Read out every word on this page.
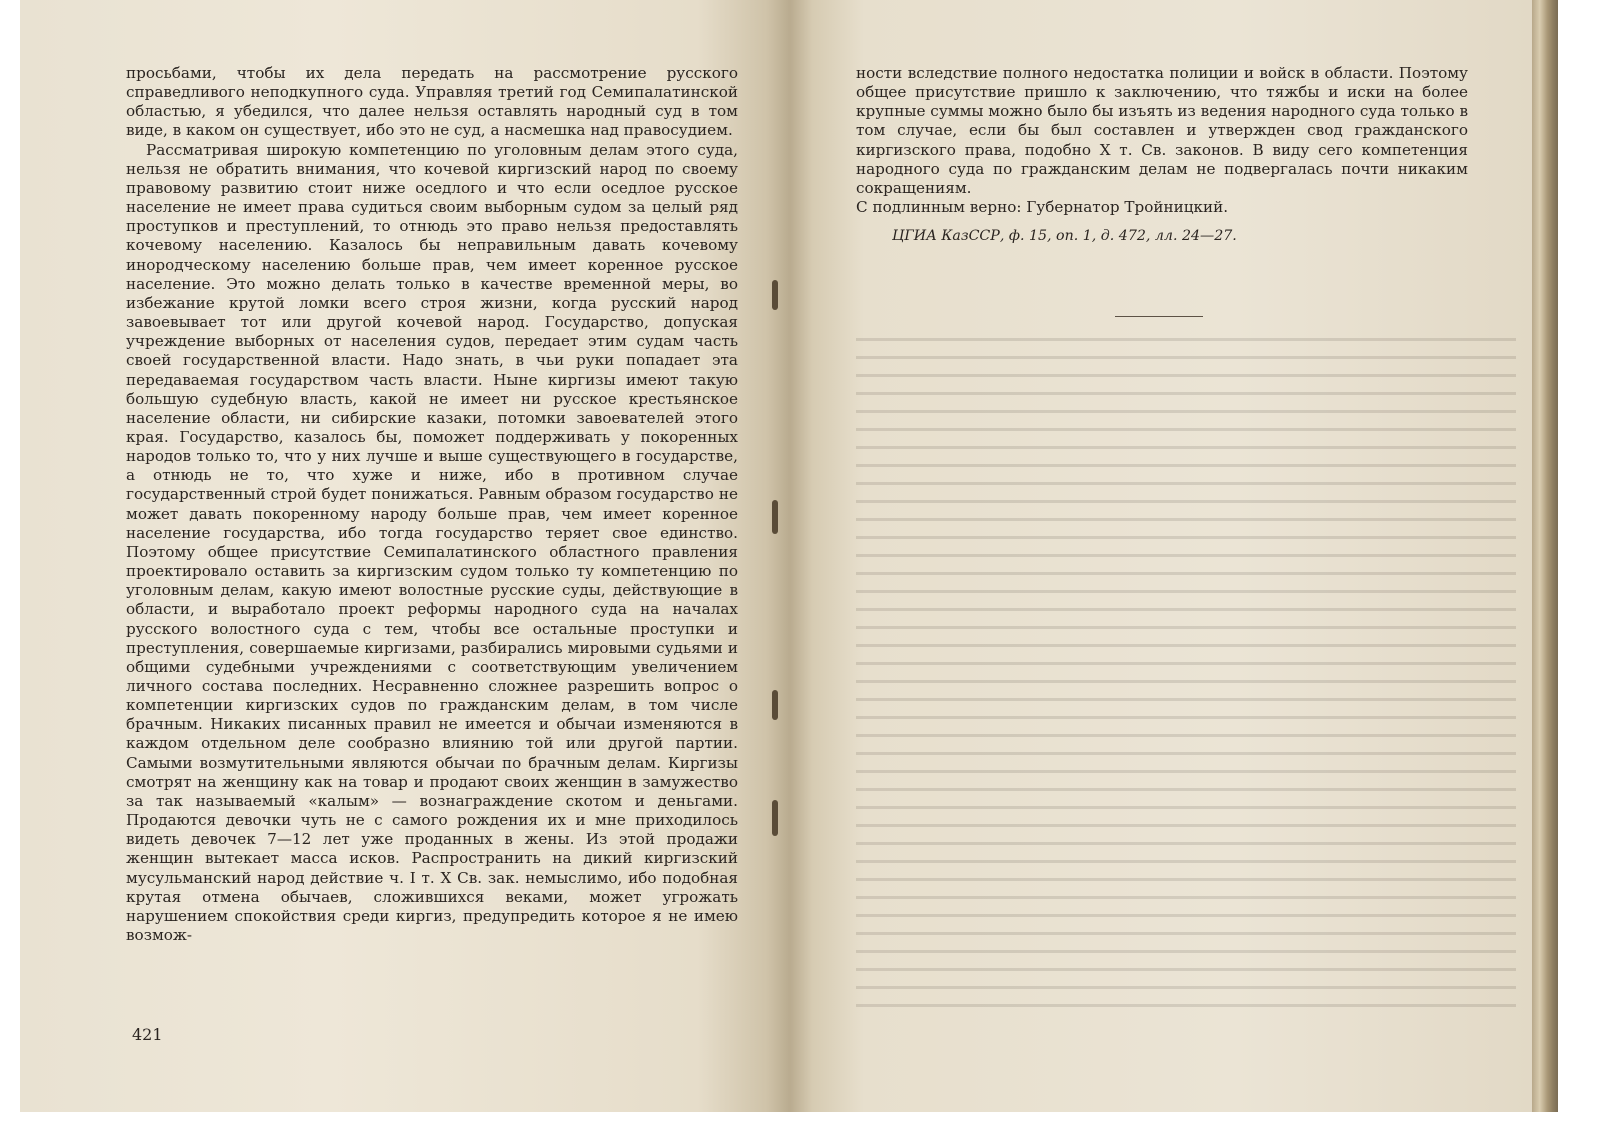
просьбами, чтобы их дела передать на рассмотрение русского справедливого неподкупного суда. Управляя третий год Семипалатинской областью, я убедился, что далее нельзя оставлять народный суд в том виде, в каком он существует, ибо это не суд, а насмешка над правосудием.

Рассматривая широкую компетенцию по уголовным делам этого суда, нельзя не обратить внимания, что кочевой киргизский народ по своему правовому развитию стоит ниже оседлого и что если оседлое русское население не имеет права судиться своим выборным судом за целый ряд проступков и преступлений, то отнюдь это право нельзя предоставлять кочевому населению. Казалось бы неправильным давать кочевому инородческому населению больше прав, чем имеет коренное русское население. Это можно делать только в качестве временной меры, во избежание крутой ломки всего строя жизни, когда русский народ завоевывает тот или другой кочевой народ. Государство, допуская учреждение выборных от населения судов, передает этим судам часть своей государственной власти. Надо знать, в чьи руки попадает эта передаваемая государством часть власти. Ныне киргизы имеют такую большую судебную власть, какой не имеет ни русское крестьянское население области, ни сибирские казаки, потомки завоевателей этого края. Государство, казалось бы, поможет поддерживать у покоренных народов только то, что у них лучше и выше существующего в государстве, а отнюдь не то, что хуже и ниже, ибо в противном случае государственный строй будет понижаться. Равным образом государство не может давать покоренному народу больше прав, чем имеет коренное население государства, ибо тогда государство теряет свое единство. Поэтому общее присутствие Семипалатинского областного правления проектировало оставить за киргизским судом только ту компетенцию по уголовным делам, какую имеют волостные русские суды, действующие в области, и выработало проект реформы народного суда на началах русского волостного суда с тем, чтобы все остальные проступки и преступления, совершаемые киргизами, разбирались мировыми судьями и общими судебными учреждениями с соответствующим увеличением личного состава последних. Несравненно сложнее разрешить вопрос о компетенции киргизских судов по гражданским делам, в том числе брачным. Никаких писанных правил не имеется и обычаи изменяются в каждом отдельном деле сообразно влиянию той или другой партии. Самыми возмутительными являются обычаи по брачным делам. Киргизы смотрят на женщину как на товар и продают своих женщин в замужество за так называемый «калым» — вознаграждение скотом и деньгами. Продаются девочки чуть не с самого рождения их и мне приходилось видеть девочек 7—12 лет уже проданных в жены. Из этой продажи женщин вытекает масса исков. Распространить на дикий киргизский мусульманский народ действие ч. I т. X Св. зак. немыслимо, ибо подобная крутая отмена обычаев, сложившихся веками, может угрожать нарушением спокойствия среди киргиз, предупредить которое я не имею возмож-

421

ности вследствие полного недостатка полиции и войск в области. Поэтому общее присутствие пришло к заключению, что тяжбы и иски на более крупные суммы можно было бы изъять из ведения народного суда только в том случае, если бы был составлен и утвержден свод гражданского киргизского права, подобно X т. Св. законов. В виду сего компетенция народного суда по гражданским делам не подвергалась почти никаким сокращениям.

С подлинным верно: Губернатор Тройницкий.

ЦГИА КазССР, ф. 15, оп. 1, д. 472, лл. 24—27.
